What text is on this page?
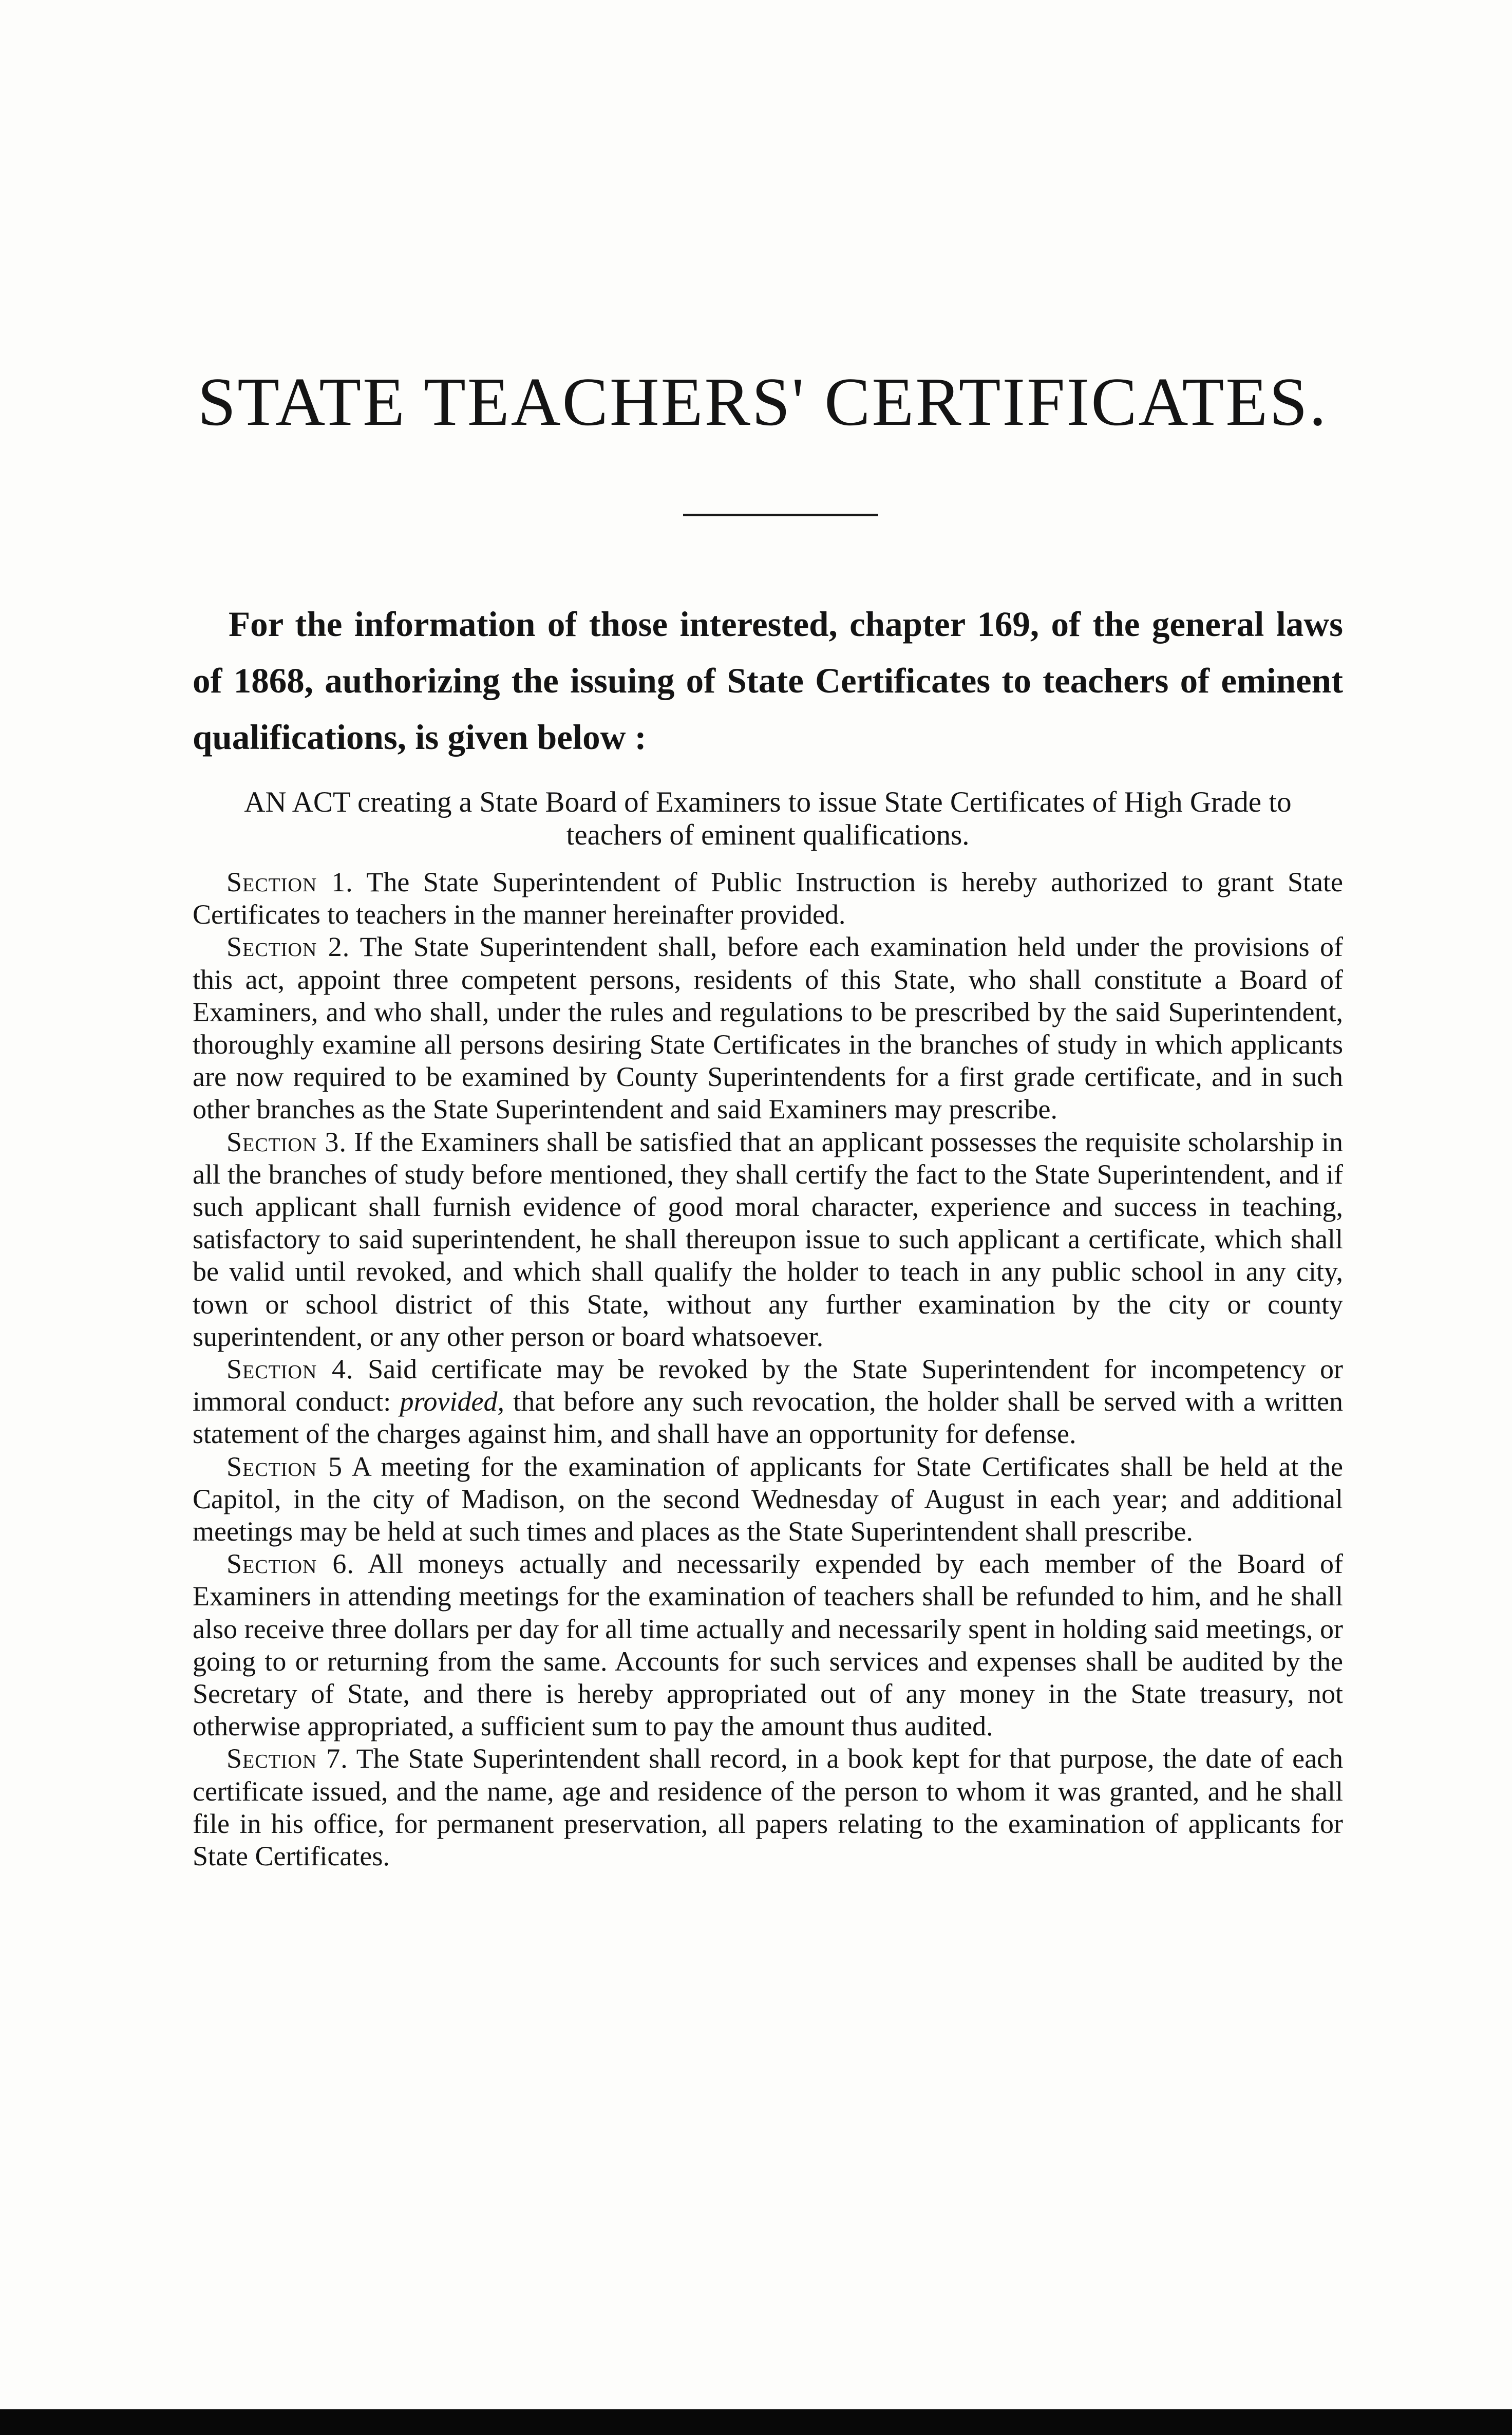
STATE TEACHERS' CERTIFICATES.

For the information of those interested, chapter 169, of the general laws of 1868, authorizing the issuing of State Certificates to teachers of eminent qualifications, is given below :

AN ACT creating a State Board of Examiners to issue State Certificates of High Grade to teachers of eminent qualifications.

Section 1. The State Superintendent of Public Instruction is hereby authorized to grant State Certificates to teachers in the manner hereinafter provided.

Section 2. The State Superintendent shall, before each examination held under the provisions of this act, appoint three competent persons, residents of this State, who shall constitute a Board of Examiners, and who shall, under the rules and regulations to be prescribed by the said Superintendent, thoroughly examine all persons desiring State Certificates in the branches of study in which applicants are now required to be examined by County Superintendents for a first grade certificate, and in such other branches as the State Superintendent and said Examiners may prescribe.

Section 3. If the Examiners shall be satisfied that an applicant possesses the requisite scholarship in all the branches of study before mentioned, they shall certify the fact to the State Superintendent, and if such applicant shall furnish evidence of good moral character, experience and success in teaching, satisfactory to said superintendent, he shall thereupon issue to such applicant a certificate, which shall be valid until revoked, and which shall qualify the holder to teach in any public school in any city, town or school district of this State, without any further examination by the city or county superintendent, or any other person or board whatsoever.

Section 4. Said certificate may be revoked by the State Superintendent for incompetency or immoral conduct: provided, that before any such revocation, the holder shall be served with a written statement of the charges against him, and shall have an opportunity for defense.

Section 5 A meeting for the examination of applicants for State Certificates shall be held at the Capitol, in the city of Madison, on the second Wednesday of August in each year; and additional meetings may be held at such times and places as the State Superintendent shall prescribe.

Section 6. All moneys actually and necessarily expended by each member of the Board of Examiners in attending meetings for the examination of teachers shall be refunded to him, and he shall also receive three dollars per day for all time actually and necessarily spent in holding said meetings, or going to or returning from the same. Accounts for such services and expenses shall be audited by the Secretary of State, and there is hereby appropriated out of any money in the State treasury, not otherwise appropriated, a sufficient sum to pay the amount thus audited.

Section 7. The State Superintendent shall record, in a book kept for that purpose, the date of each certificate issued, and the name, age and residence of the person to whom it was granted, and he shall file in his office, for permanent preservation, all papers relating to the examination of applicants for State Certificates.
